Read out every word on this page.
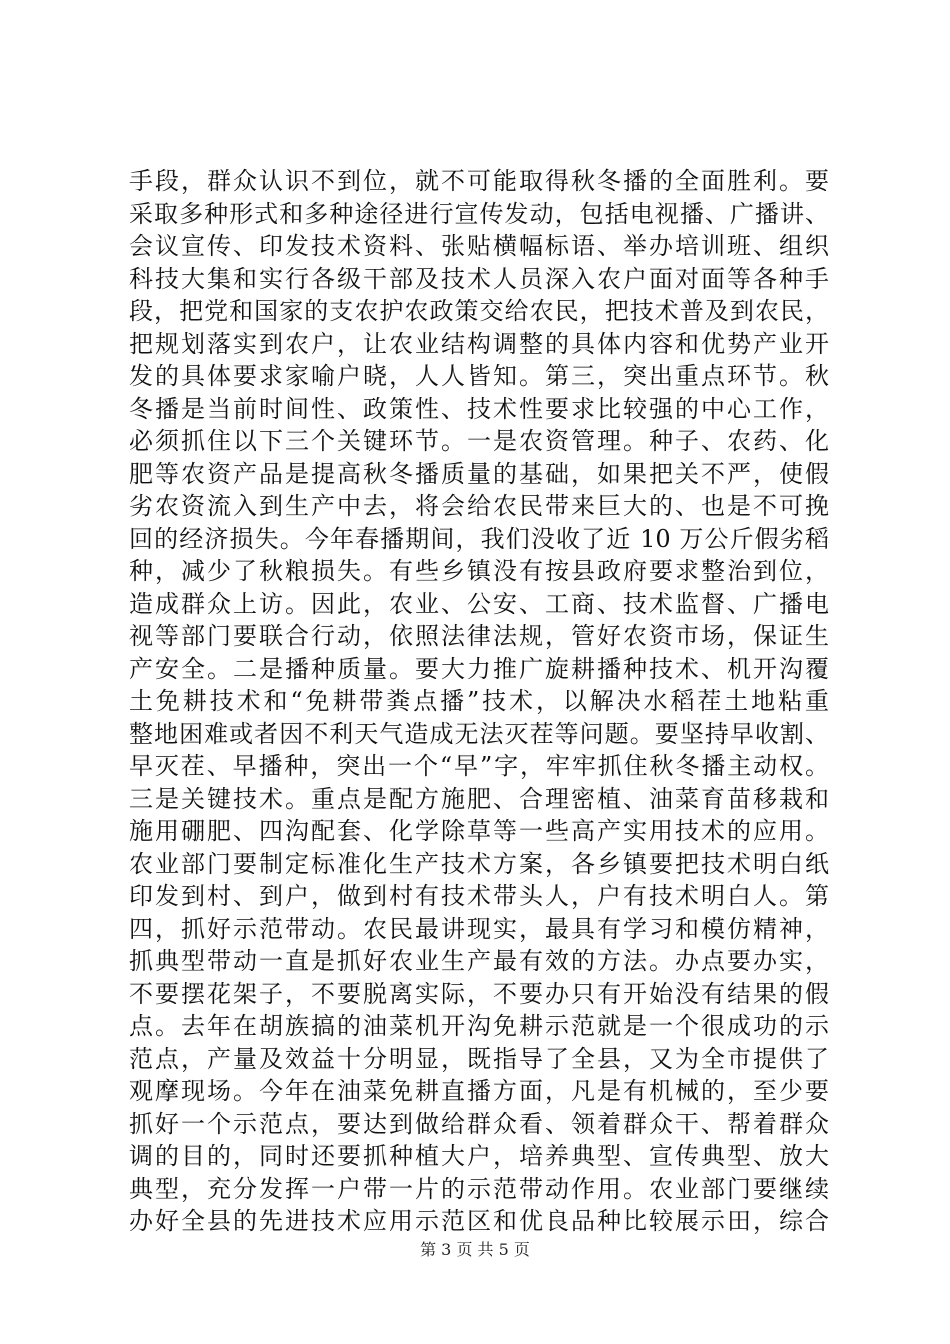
手段，群众认识不到位，就不可能取得秋冬播的全面胜利。要
采取多种形式和多种途径进行宣传发动，包括电视播、广播讲、
会议宣传、印发技术资料、张贴横幅标语、举办培训班、组织
科技大集和实行各级干部及技术人员深入农户面对面等各种手
段，把党和国家的支农护农政策交给农民，把技术普及到农民，
把规划落实到农户，让农业结构调整的具体内容和优势产业开
发的具体要求家喻户晓，人人皆知。第三，突出重点环节。秋
冬播是当前时间性、政策性、技术性要求比较强的中心工作，
必须抓住以下三个关键环节。一是农资管理。种子、农药、化
肥等农资产品是提高秋冬播质量的基础，如果把关不严，使假
劣农资流入到生产中去，将会给农民带来巨大的、也是不可挽
回的经济损失。今年春播期间，我们没收了近 10 万公斤假劣稻
种，减少了秋粮损失。有些乡镇没有按县政府要求整治到位，
造成群众上访。因此，农业、公安、工商、技术监督、广播电
视等部门要联合行动，依照法律法规，管好农资市场，保证生
产安全。二是播种质量。要大力推广旋耕播种技术、机开沟覆
土免耕技术和“免耕带粪点播”技术，以解决水稻茬土地粘重
整地困难或者因不利天气造成无法灭茬等问题。要坚持早收割、
早灭茬、早播种，突出一个“早”字，牢牢抓住秋冬播主动权。
三是关键技术。重点是配方施肥、合理密植、油菜育苗移栽和
施用硼肥、四沟配套、化学除草等一些高产实用技术的应用。
农业部门要制定标准化生产技术方案，各乡镇要把技术明白纸
印发到村、到户，做到村有技术带头人，户有技术明白人。第
四，抓好示范带动。农民最讲现实，最具有学习和模仿精神，
抓典型带动一直是抓好农业生产最有效的方法。办点要办实，
不要摆花架子，不要脱离实际，不要办只有开始没有结果的假
点。去年在胡族搞的油菜机开沟免耕示范就是一个很成功的示
范点，产量及效益十分明显，既指导了全县，又为全市提供了
观摩现场。今年在油菜免耕直播方面，凡是有机械的，至少要
抓好一个示范点，要达到做给群众看、领着群众干、帮着群众
调的目的，同时还要抓种植大户，培养典型、宣传典型、放大
典型，充分发挥一户带一片的示范带动作用。农业部门要继续
办好全县的先进技术应用示范区和优良品种比较展示田，综合
第 3 页 共 5 页
